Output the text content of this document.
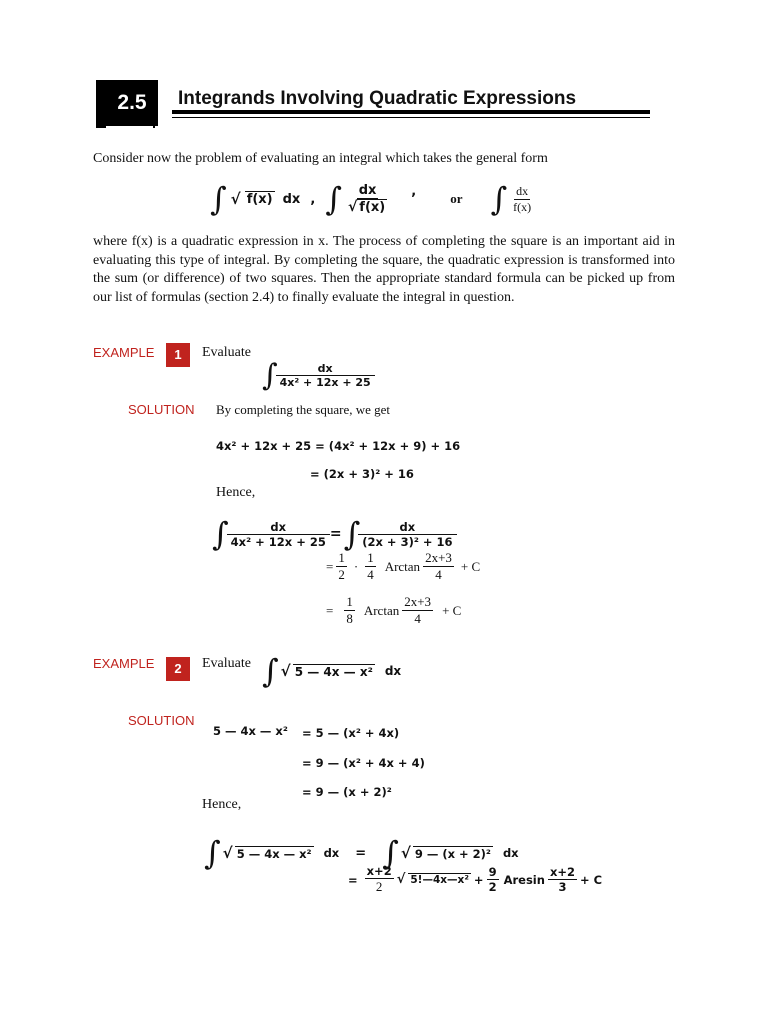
2.5	Integrands Involving Quadratic Expressions
Consider now the problem of evaluating an integral which takes the general form
∫ √ f(x) dx , ∫ $\frac{dx}{√ f(x)}$ ,	or ∫ $\frac{dx}{f(x)}$
where f(x) is a quadratic expression in x. The process of completing the square is an important aid in evaluating this type of integral. By completing the square, the quadratic expression is transformed into the sum (or difference) of two squares. Then the appropriate standard formula can be picked up from our list of formulas (section 2.4) to finally evaluate the integral in question.
EXAMPLE	1	Evaluate
∫ $\frac{dx}{\text{4x² + 12x + 25}}$
SOLUTION By completing the square, we get
4x² + 12x + 25 = (4x² + 12x + 9) + 16
= (2x + 3)² + 16
Hence,
∫ $\frac{dx}{\text{4x² + 12x + 25}}$ = ∫ $\frac{dx}{\text{(2x + 3)² + 16}}$
= $\frac{1}{2} \cdot \frac{1}{4}$ Arctan $\frac{2x+3}{4} + C$
= $\frac{1}{8}$ Arctan $\frac{2x+3}{4} + C$
EXAMPLE	2	Evaluate ∫ √ 5 — 4x — x² dx
SOLUTION
5 — 4x — x² = 5 — (x² + 4x)
= 9 — (x² + 4x + 4)
= 9 — (x + 2)²
Hence,
∫ √ 5 — 4x — x² dx = ∫ √ 9 — (x + 2)² dx
= $\frac{x+2}{2}$ √ 5!—4x—x² + $\frac{9}{2}$ Aresin $\frac{x+2}{3} + C$
